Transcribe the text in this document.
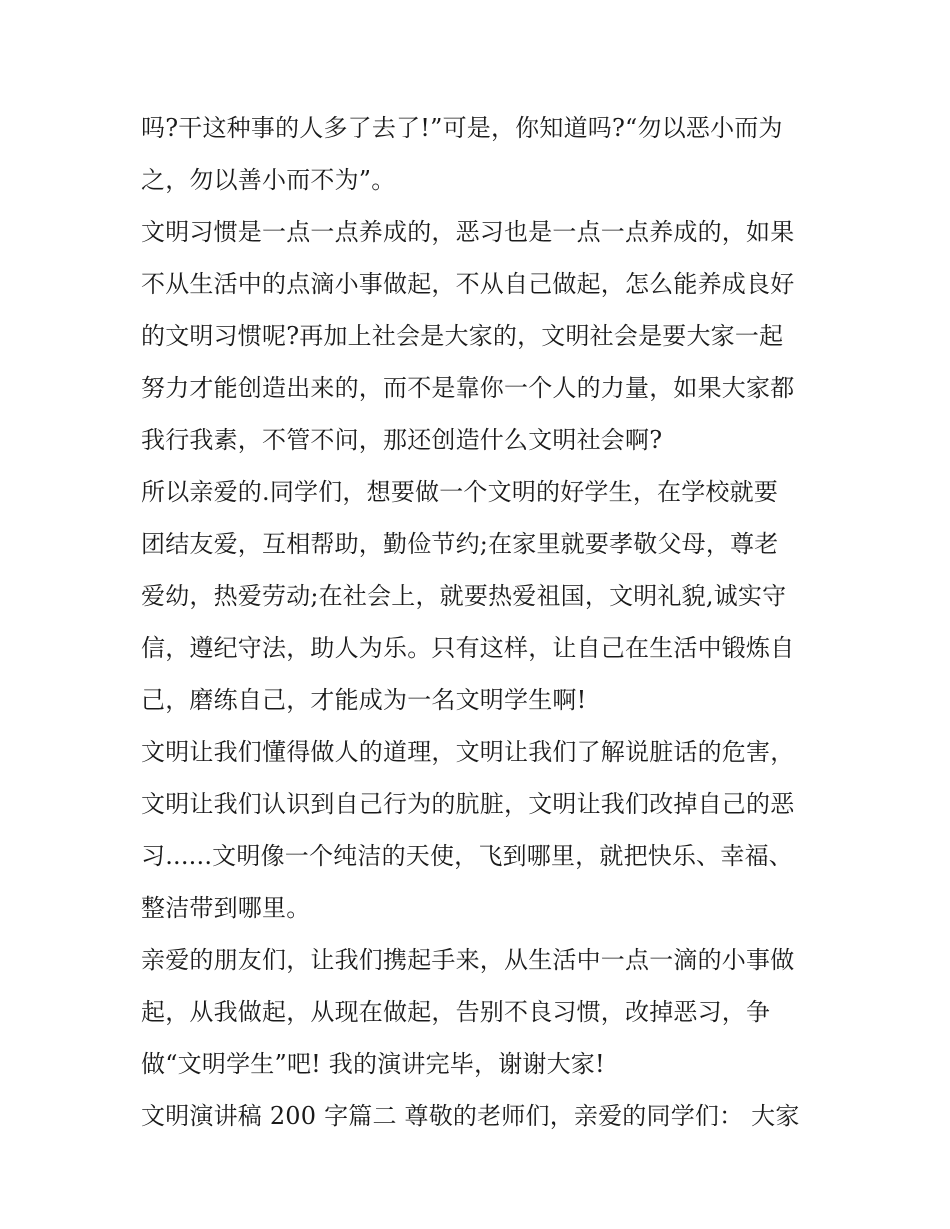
吗?干这种事的人多了去了!”可是，你知道吗?“勿以恶小而为
之，勿以善小而不为”。
文明习惯是一点一点养成的，恶习也是一点一点养成的，如果
不从生活中的点滴小事做起，不从自己做起，怎么能养成良好
的文明习惯呢?再加上社会是大家的，文明社会是要大家一起
努力才能创造出来的，而不是靠你一个人的力量，如果大家都
我行我素，不管不问，那还创造什么文明社会啊?
所以亲爱的.同学们，想要做一个文明的好学生，在学校就要
团结友爱，互相帮助，勤俭节约;在家里就要孝敬父母，尊老
爱幼，热爱劳动;在社会上，就要热爱祖国，文明礼貌,诚实守
信，遵纪守法，助人为乐。只有这样，让自己在生活中锻炼自
己，磨练自己，才能成为一名文明学生啊!
文明让我们懂得做人的道理，文明让我们了解说脏话的危害，
文明让我们认识到自己行为的肮脏，文明让我们改掉自己的恶
习......文明像一个纯洁的天使，飞到哪里，就把快乐、幸福、
整洁带到哪里。
亲爱的朋友们，让我们携起手来，从生活中一点一滴的小事做
起，从我做起，从现在做起，告别不良习惯，改掉恶习，争
做“文明学生”吧! 我的演讲完毕，谢谢大家!
文明演讲稿 200 字篇二 尊敬的老师们，亲爱的同学们： 大家
